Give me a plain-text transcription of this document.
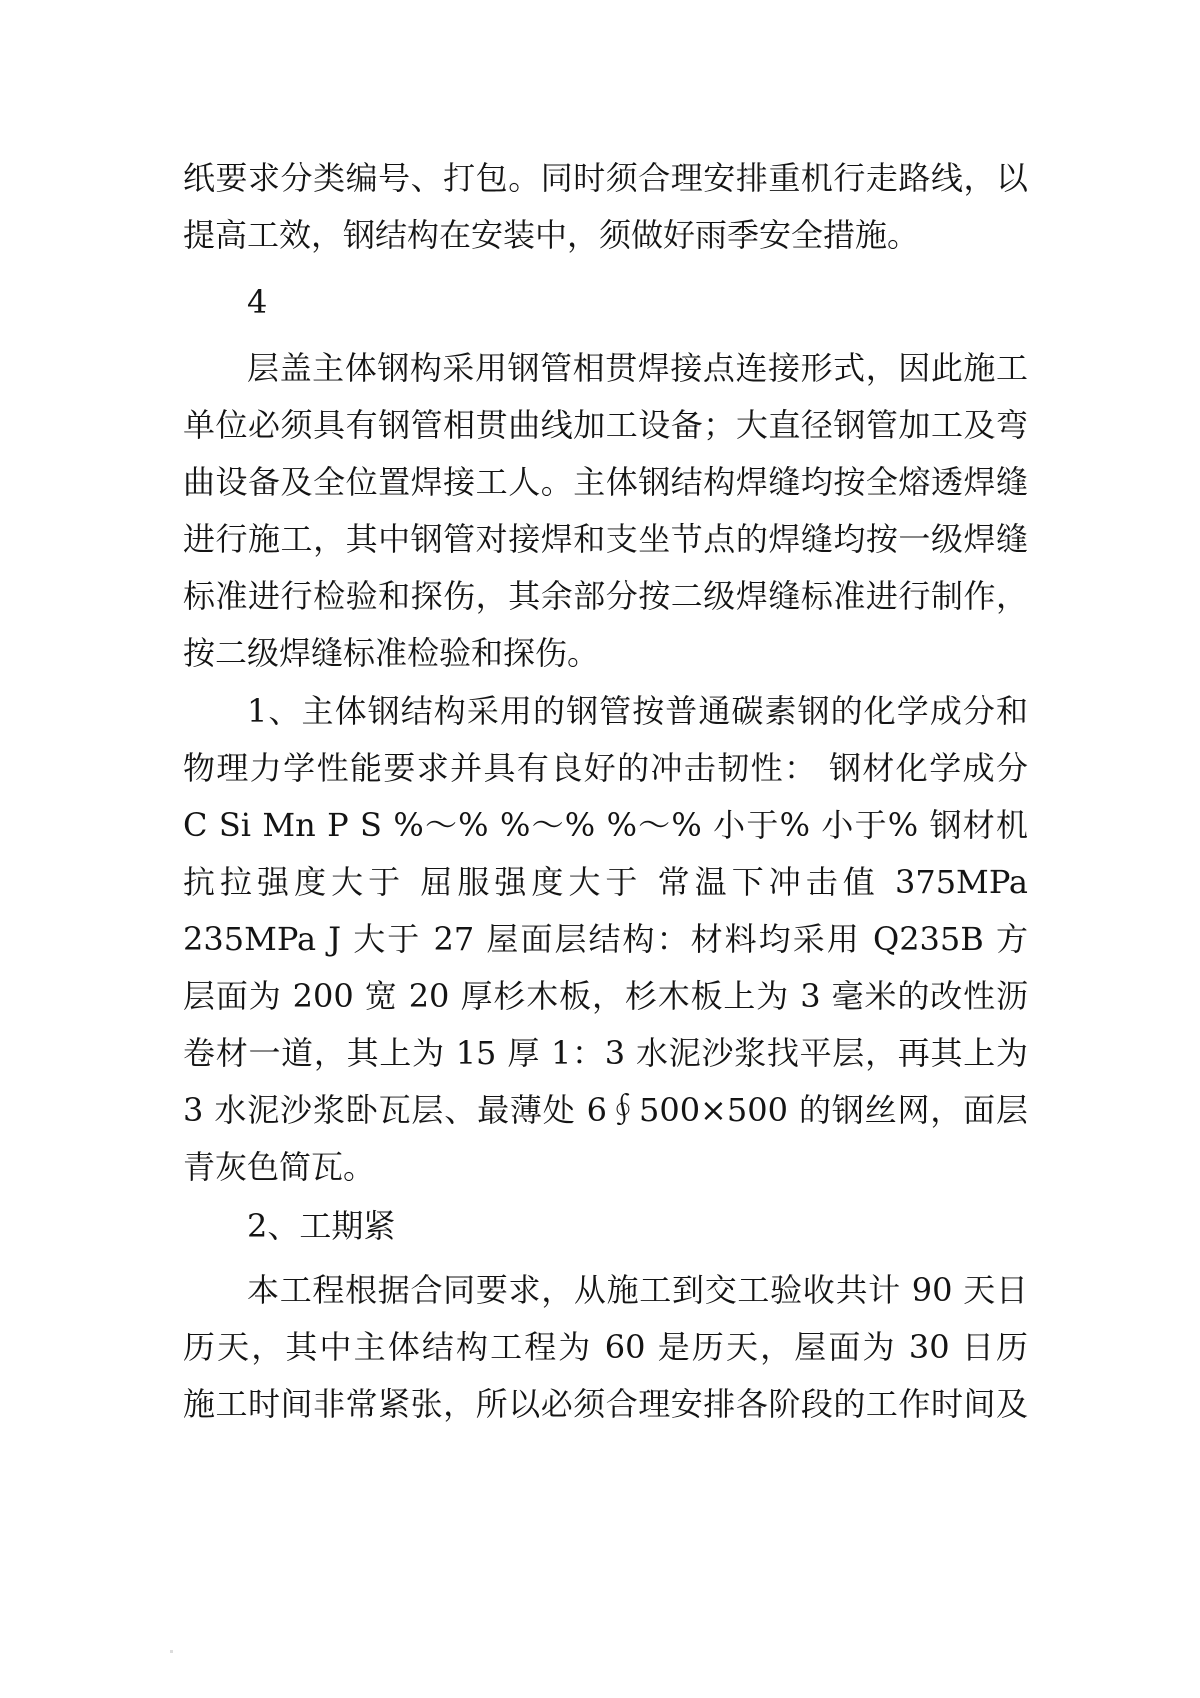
纸要求分类编号、打包。同时须合理安排重机行走路线，以
提高工效，钢结构在安装中，须做好雨季安全措施。
4
层盖主体钢构采用钢管相贯焊接点连接形式，因此施工
单位必须具有钢管相贯曲线加工设备；大直径钢管加工及弯
曲设备及全位置焊接工人。主体钢结构焊缝均按全熔透焊缝
进行施工，其中钢管对接焊和支坐节点的焊缝均按一级焊缝
标准进行检验和探伤，其余部分按二级焊缝标准进行制作，
按二级焊缝标准检验和探伤。
1、主体钢结构采用的钢管按普通碳素钢的化学成分和
物理力学性能要求并具有良好的冲击韧性： 钢材化学成分
C Si Mn P S %～% %～% %～% 小于% 小于% 钢材机
抗拉强度大于 屈服强度大于 常温下冲击值 375MPa
235MPa J 大于 27 屋面层结构：材料均采用 Q235B 方
层面为 200 宽 20 厚杉木板，杉木板上为 3 毫米的改性沥
卷材一道，其上为 15 厚 1：3 水泥沙浆找平层，再其上为
3 水泥沙浆卧瓦层、最薄处 6∮500×500 的钢丝网，面层
青灰色简瓦。
2、工期紧
本工程根据合同要求，从施工到交工验收共计 90 天日
历天，其中主体结构工程为 60 是历天，屋面为 30 日历
施工时间非常紧张，所以必须合理安排各阶段的工作时间及
